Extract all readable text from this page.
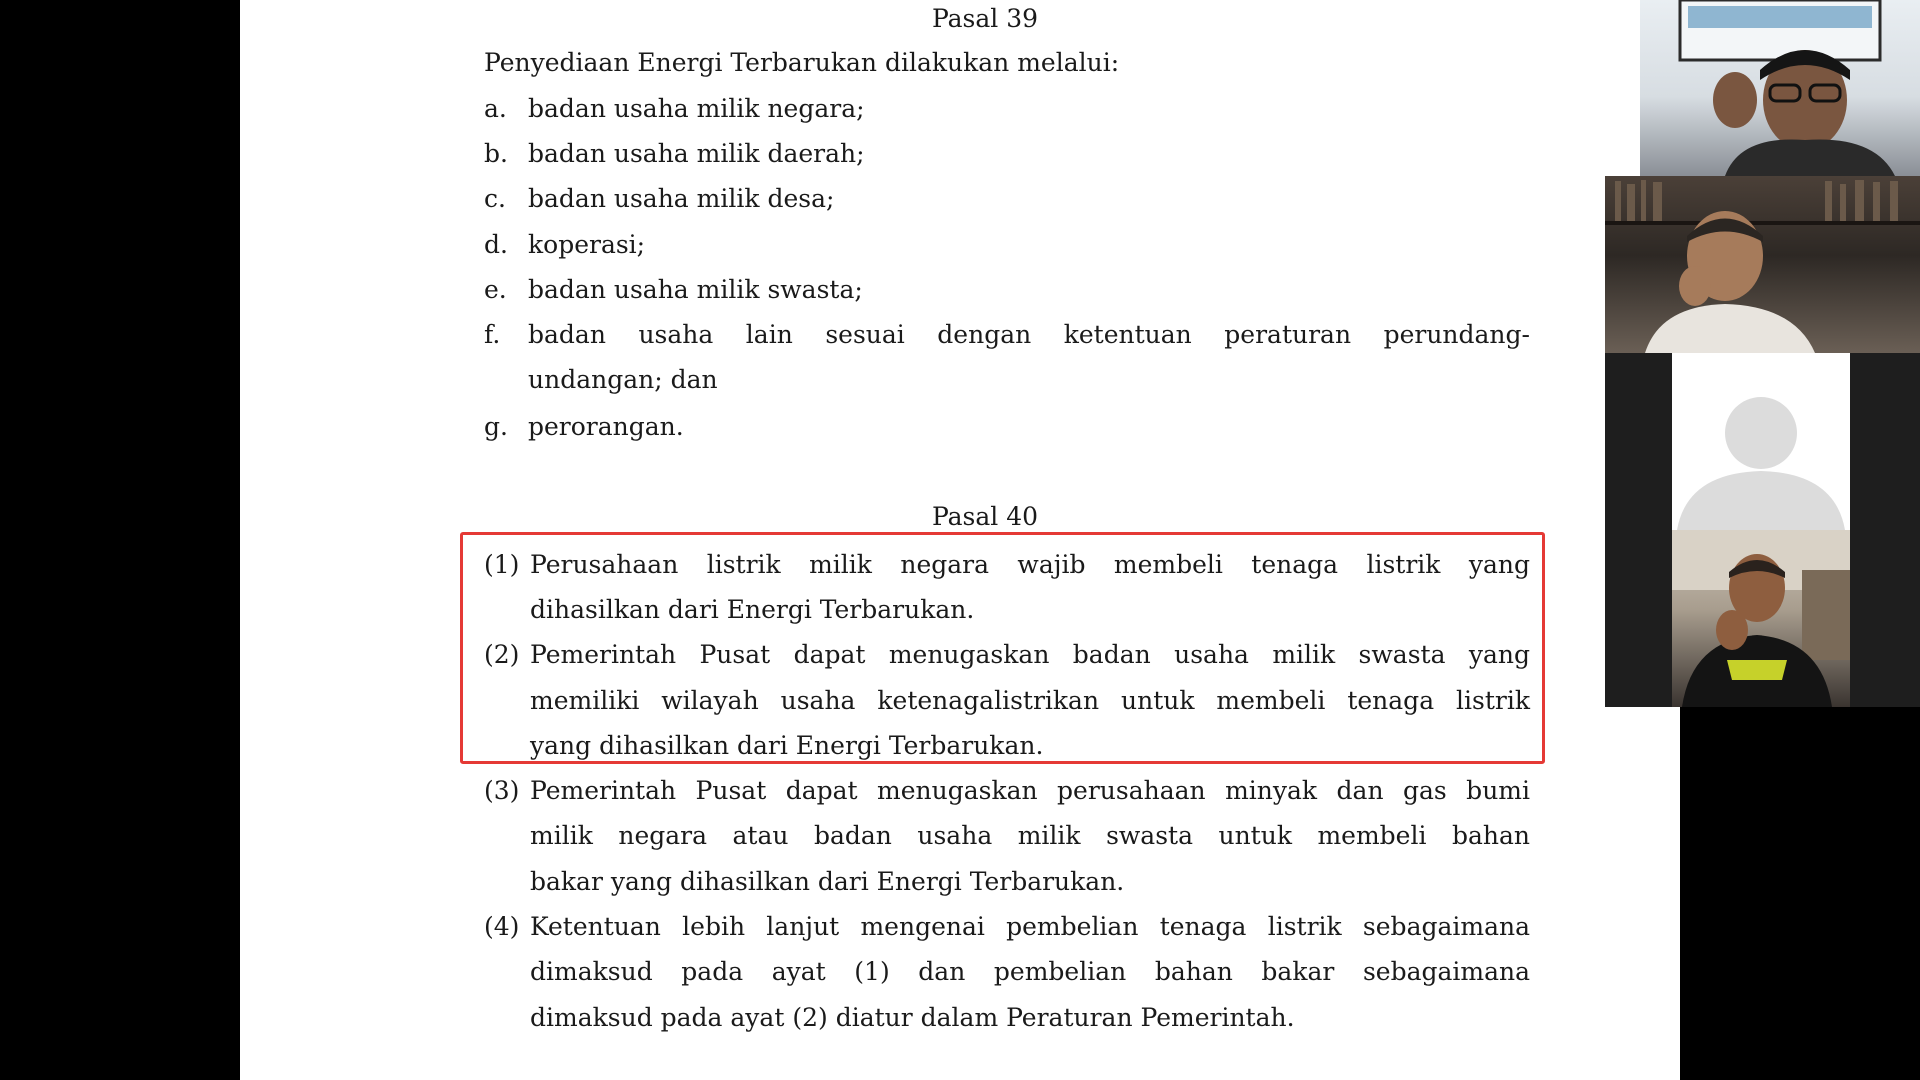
Pasal 39
Penyediaan Energi Terbarukan dilakukan melalui:
a. badan usaha milik negara;
b. badan usaha milik daerah;
c. badan usaha milik desa;
d. koperasi;
e. badan usaha milik swasta;
f. badan usaha lain sesuai dengan ketentuan peraturan perundang-
undangan; dan
g. perorangan.
Pasal 40
(1) Perusahaan listrik milik negara wajib membeli tenaga listrik yang
dihasilkan dari Energi Terbarukan.
(2) Pemerintah Pusat dapat menugaskan badan usaha milik swasta yang
memiliki wilayah usaha ketenagalistrikan untuk membeli tenaga listrik
yang dihasilkan dari Energi Terbarukan.
(3) Pemerintah Pusat dapat menugaskan perusahaan minyak dan gas bumi
milik negara atau badan usaha milik swasta untuk membeli bahan
bakar yang dihasilkan dari Energi Terbarukan.
(4) Ketentuan lebih lanjut mengenai pembelian tenaga listrik sebagaimana
dimaksud pada ayat (1) dan pembelian bahan bakar sebagaimana
dimaksud pada ayat (2) diatur dalam Peraturan Pemerintah.
